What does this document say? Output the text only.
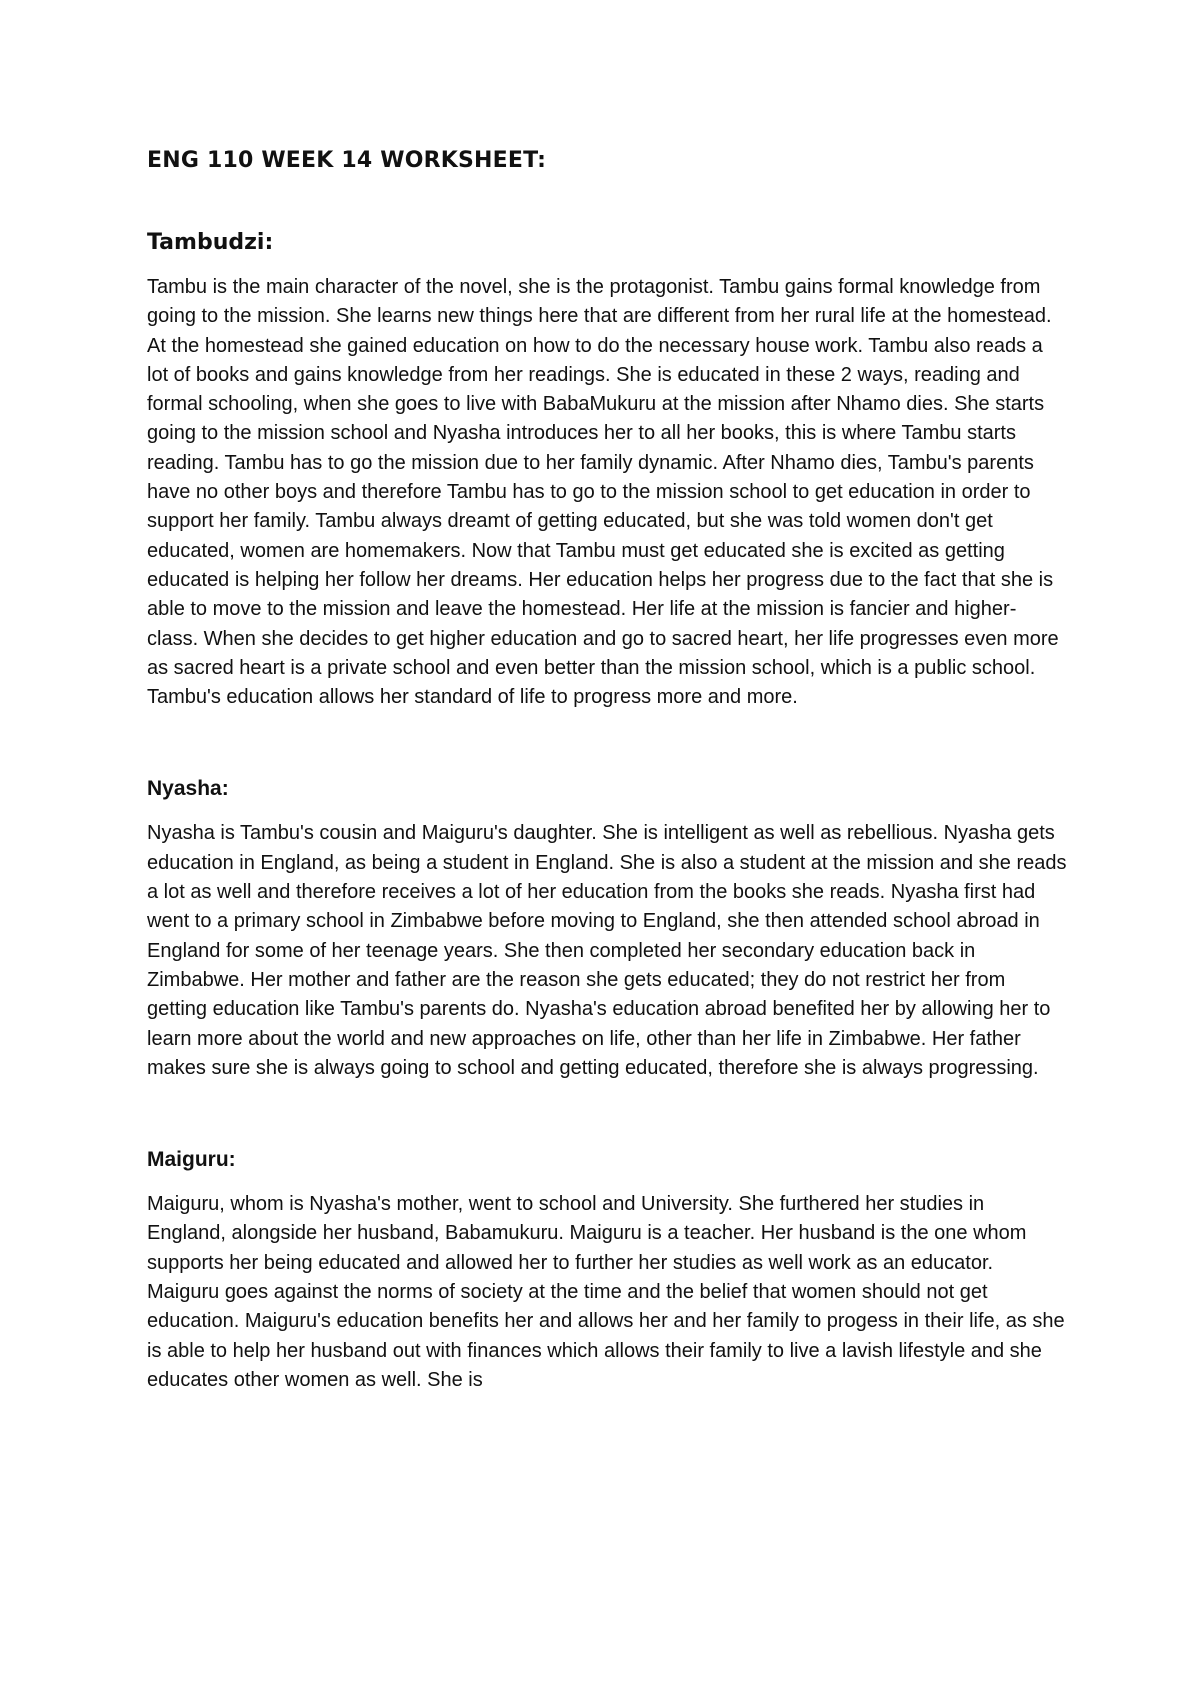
ENG 110 WEEK 14 WORKSHEET:
Tambudzi:

Tambu is the main character of the novel, she is the protagonist. Tambu gains formal knowledge from going to the mission. She learns new things here that are different from her rural life at the homestead. At the homestead she gained education on how to do the necessary house work. Tambu also reads a lot of books and gains knowledge from her readings. She is educated in these 2 ways, reading and formal schooling, when she goes to live with BabaMukuru at the mission after Nhamo dies. She starts going to the mission school and Nyasha introduces her to all her books, this is where Tambu starts reading. Tambu has to go the mission due to her family dynamic. After Nhamo dies, Tambu's parents have no other boys and therefore Tambu has to go to the mission school to get education in order to support her family. Tambu always dreamt of getting educated, but she was told women don't get educated, women are homemakers. Now that Tambu must get educated she is excited as getting educated is helping her follow her dreams. Her education helps her progress due to the fact that she is able to move to the mission and leave the homestead. Her life at the mission is fancier and higher-class. When she decides to get higher education and go to sacred heart, her life progresses even more as sacred heart is a private school and even better than the mission school, which is a public school. Tambu's education allows her standard of life to progress more and more.

Nyasha:

Nyasha is Tambu's cousin and Maiguru's daughter. She is intelligent as well as rebellious. Nyasha gets education in England, as being a student in England. She is also a student at the mission and she reads a lot as well and therefore receives a lot of her education from the books she reads. Nyasha first had went to a primary school in Zimbabwe before moving to England, she then attended school abroad in England for some of her teenage years. She then completed her secondary education back in Zimbabwe. Her mother and father are the reason she gets educated; they do not restrict her from getting education like Tambu's parents do. Nyasha's education abroad benefited her by allowing her to learn more about the world and new approaches on life, other than her life in Zimbabwe. Her father makes sure she is always going to school and getting educated, therefore she is always progressing.

Maiguru:

Maiguru, whom is Nyasha's mother, went to school and University. She furthered her studies in England, alongside her husband, Babamukuru. Maiguru is a teacher. Her husband is the one whom supports her being educated and allowed her to further her studies as well work as an educator. Maiguru goes against the norms of society at the time and the belief that women should not get education. Maiguru's education benefits her and allows her and her family to progess in their life, as she is able to help her husband out with finances which allows their family to live a lavish lifestyle and she educates other women as well. She is
